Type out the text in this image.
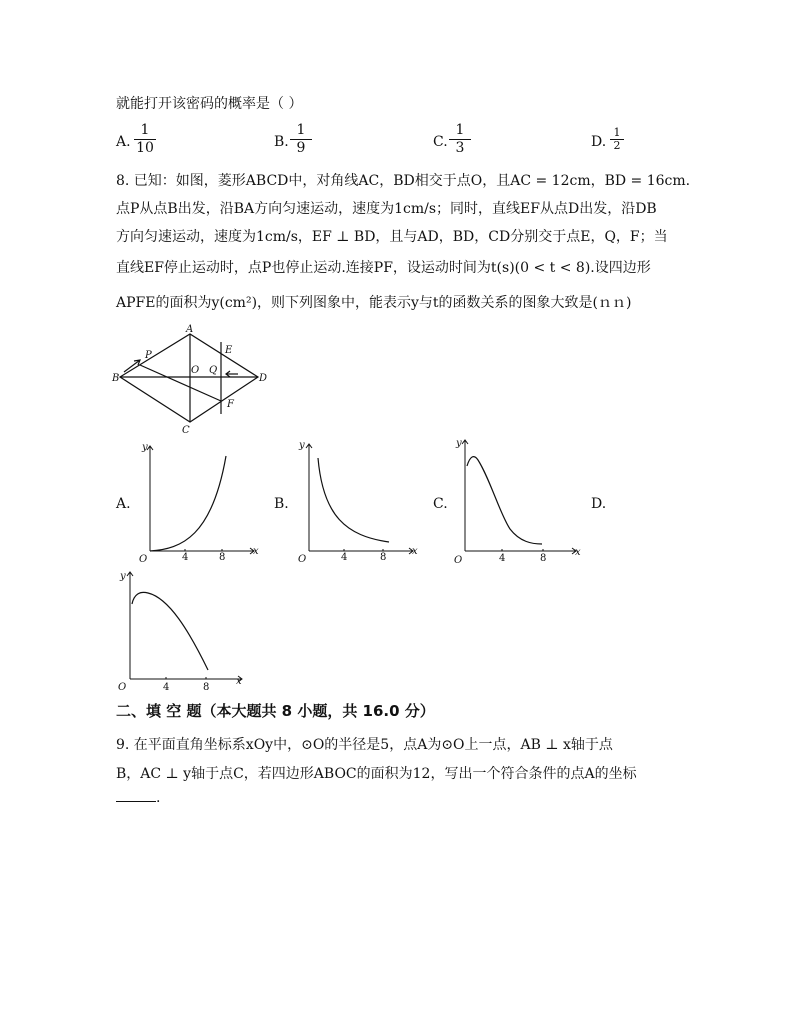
就能打开该密码的概率是（ ）
A. $\frac{1}{10}$	B. $\frac{1}{9}$	C. $\frac{1}{3}$	D. $\frac{1}{2}$
8. 已知：如图，菱形ABCD中，对角线AC，BD相交于点O，且AC = 12cm，BD = 16cm.
点P从点B出发，沿BA方向匀速运动，速度为1cm/s；同时，直线EF从点D出发，沿DB
方向匀速运动，速度为1cm/s，EF ⊥ BD，且与AD，BD，CD分别交于点E，Q，F；当
直线EF停止运动时，点P也停止运动.连接PF，设运动时间为t(s)(0 < t < 8).设四边形
APFE的面积为y(cm²)，则下列图象中，能表示y与t的函数关系的图象大致是(ｎｎ)
A
B
C
D
P
O Q
E
F
A.	B.	C.	D.
y
x
O	4	8
y
x
O	4	8
y
x
O	4	8
y
x
O	4	8
二、填 空 题（本大题共 8 小题，共 16.0 分）
9. 在平面直角坐标系xOy中，⊙O的半径是5，点A为⊙O上一点，AB ⊥ x轴于点
B，AC ⊥ y轴于点C，若四边形ABOC的面积为12，写出一个符合条件的点A的坐标
.
